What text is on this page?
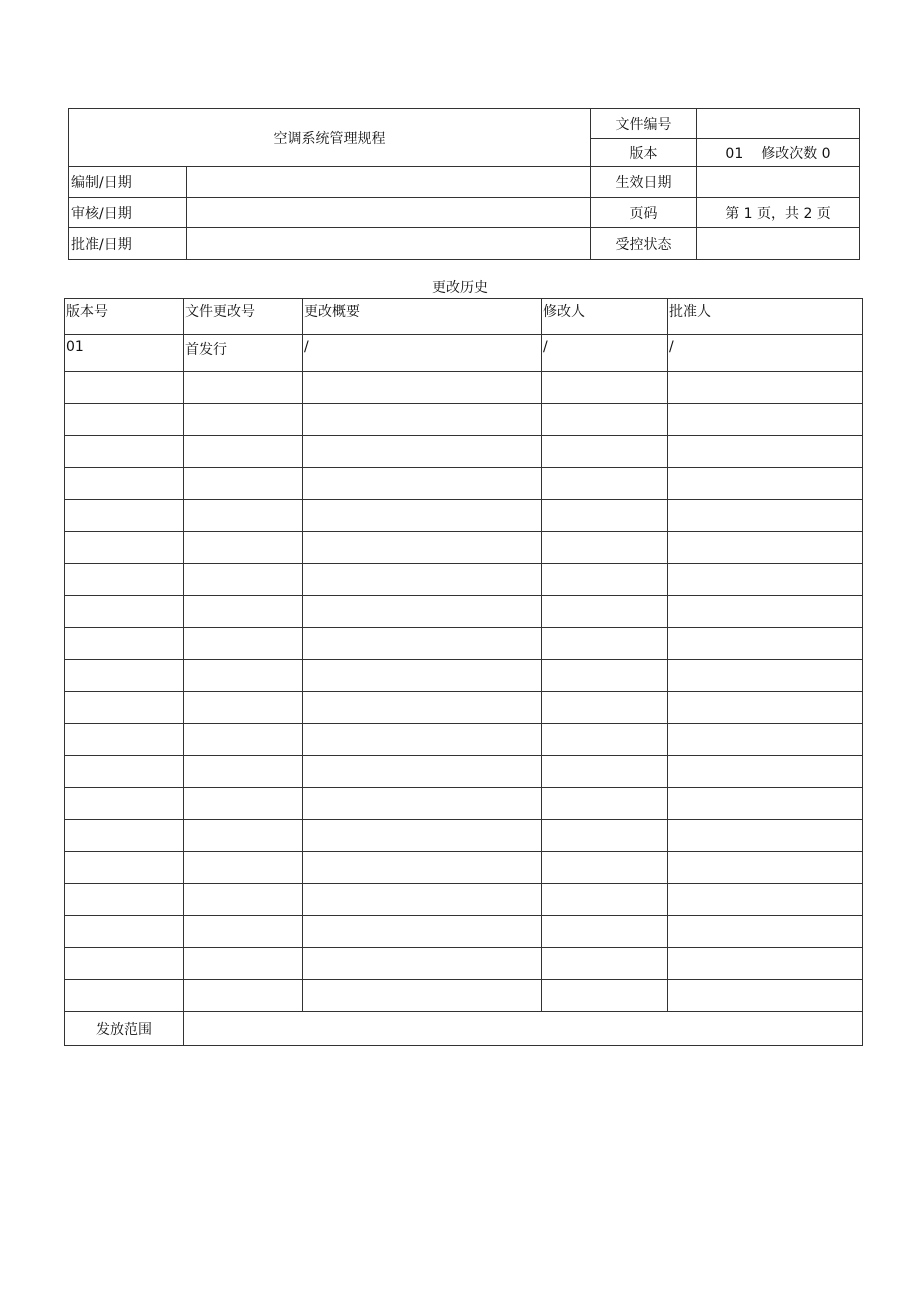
空调系统管理规程		文件编号	
		版本	01 修改次数 0
编制/日期		生效日期	
审核/日期		页码	第 1 页，共 2 页
批准/日期		受控状态	
更改历史
版本号	文件更改号	更改概要	修改人	批准人
01	首发行	/	/	/

发放范围				
